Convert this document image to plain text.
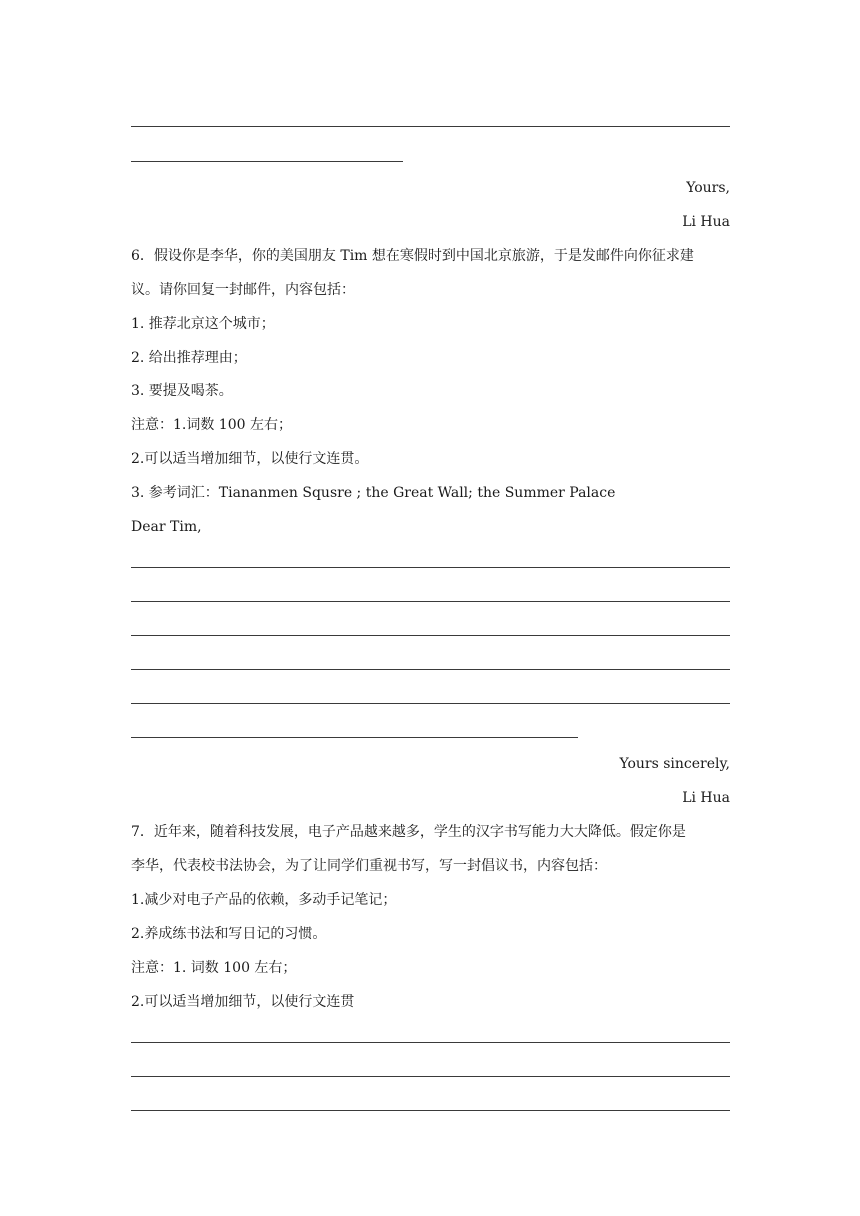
Yours,
Li Hua
6．假设你是李华，你的美国朋友 Tim 想在寒假时到中国北京旅游，于是发邮件向你征求建
议。请你回复一封邮件，内容包括：
1. 推荐北京这个城市；
2. 给出推荐理由；
3. 要提及喝茶。
注意：1.词数 100 左右；
2.可以适当增加细节，以使行文连贯。
3. 参考词汇：Tiananmen Squsre ; the Great Wall; the Summer Palace
Dear Tim,
Yours sincerely,
Li Hua
7．近年来，随着科技发展，电子产品越来越多，学生的汉字书写能力大大降低。假定你是
李华，代表校书法协会，为了让同学们重视书写，写一封倡议书，内容包括：
1.减少对电子产品的依赖，多动手记笔记；
2.养成练书法和写日记的习惯。
注意：1. 词数 100 左右；
2.可以适当增加细节，以使行文连贯
